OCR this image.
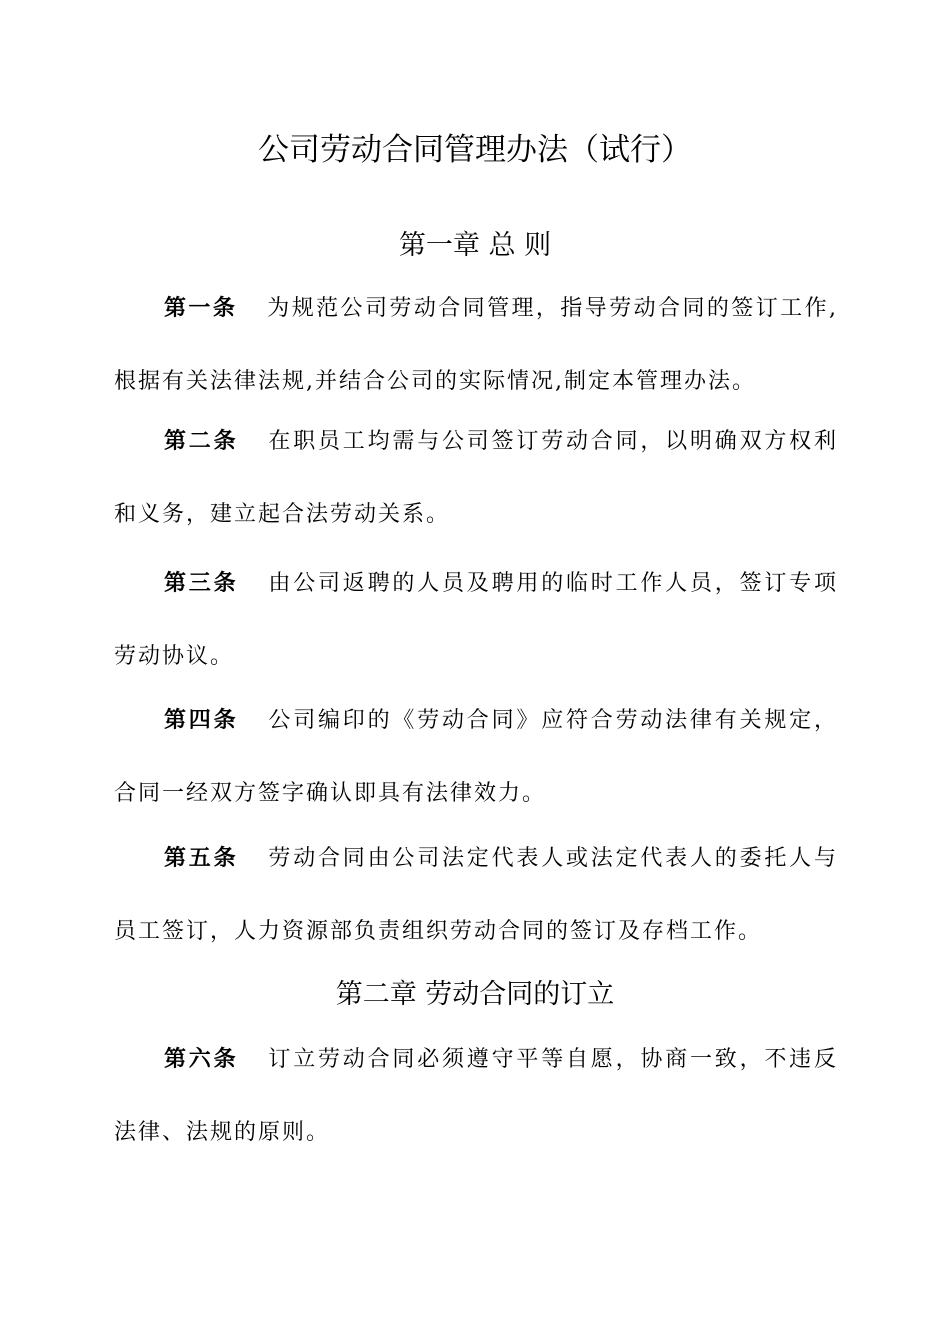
公司劳动合同管理办法（试行）
第一章 总 则

第一条 为规范公司劳动合同管理，指导劳动合同的签订工作,根据有关法律法规,并结合公司的实际情况,制定本管理办法。

第二条 在职员工均需与公司签订劳动合同，以明确双方权利和义务，建立起合法劳动关系。

第三条 由公司返聘的人员及聘用的临时工作人员，签订专项劳动协议。

第四条 公司编印的《劳动合同》应符合劳动法律有关规定，合同一经双方签字确认即具有法律效力。

第五条 劳动合同由公司法定代表人或法定代表人的委托人与员工签订，人力资源部负责组织劳动合同的签订及存档工作。

第二章 劳动合同的订立

第六条 订立劳动合同必须遵守平等自愿，协商一致，不违反法律、法规的原则。
